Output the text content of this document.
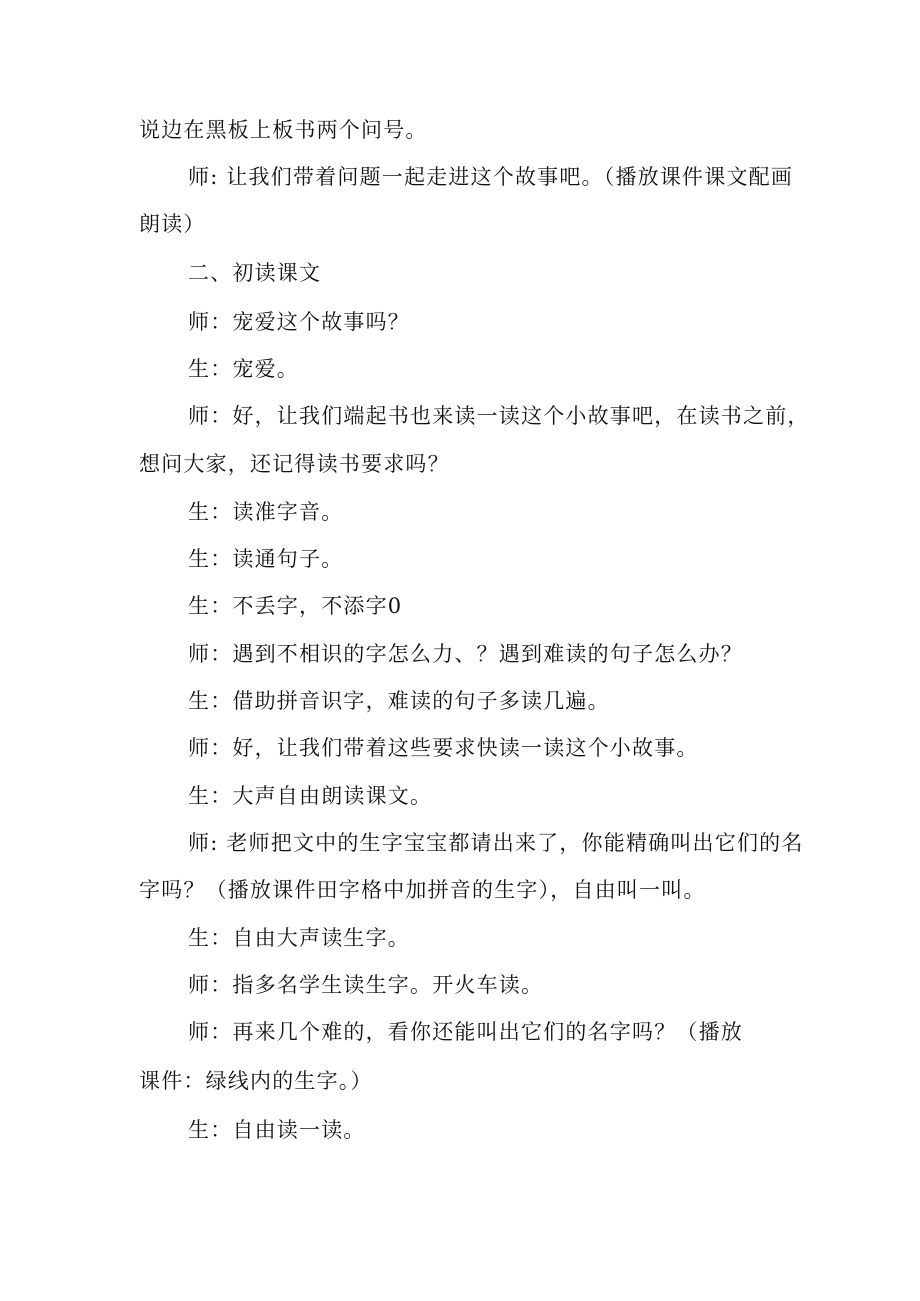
说边在黑板上板书两个问号。
师: 让我们带着问题一起走进这个故事吧。（播放课件课文配画
朗读）
二、初读课文
师：宠爱这个故事吗？
生：宠爱。
师：好，让我们端起书也来读一读这个小故事吧，在读书之前，
想问大家，还记得读书要求吗？
生：读准字音。
生：读通句子。
生：不丢字，不添字0
师：遇到不相识的字怎么力、？遇到难读的句子怎么办？
生：借助拼音识字，难读的句子多读几遍。
师：好，让我们带着这些要求快读一读这个小故事。
生：大声自由朗读课文。
师: 老师把文中的生字宝宝都请出来了，你能精确叫出它们的名
字吗？（播放课件田字格中加拼音的生字），自由叫一叫。
生：自由大声读生字。
师：指多名学生读生字。开火车读。
师：再来几个难的，看你还能叫出它们的名字吗？（播放
课件：绿线内的生字。）
生：自由读一读。
